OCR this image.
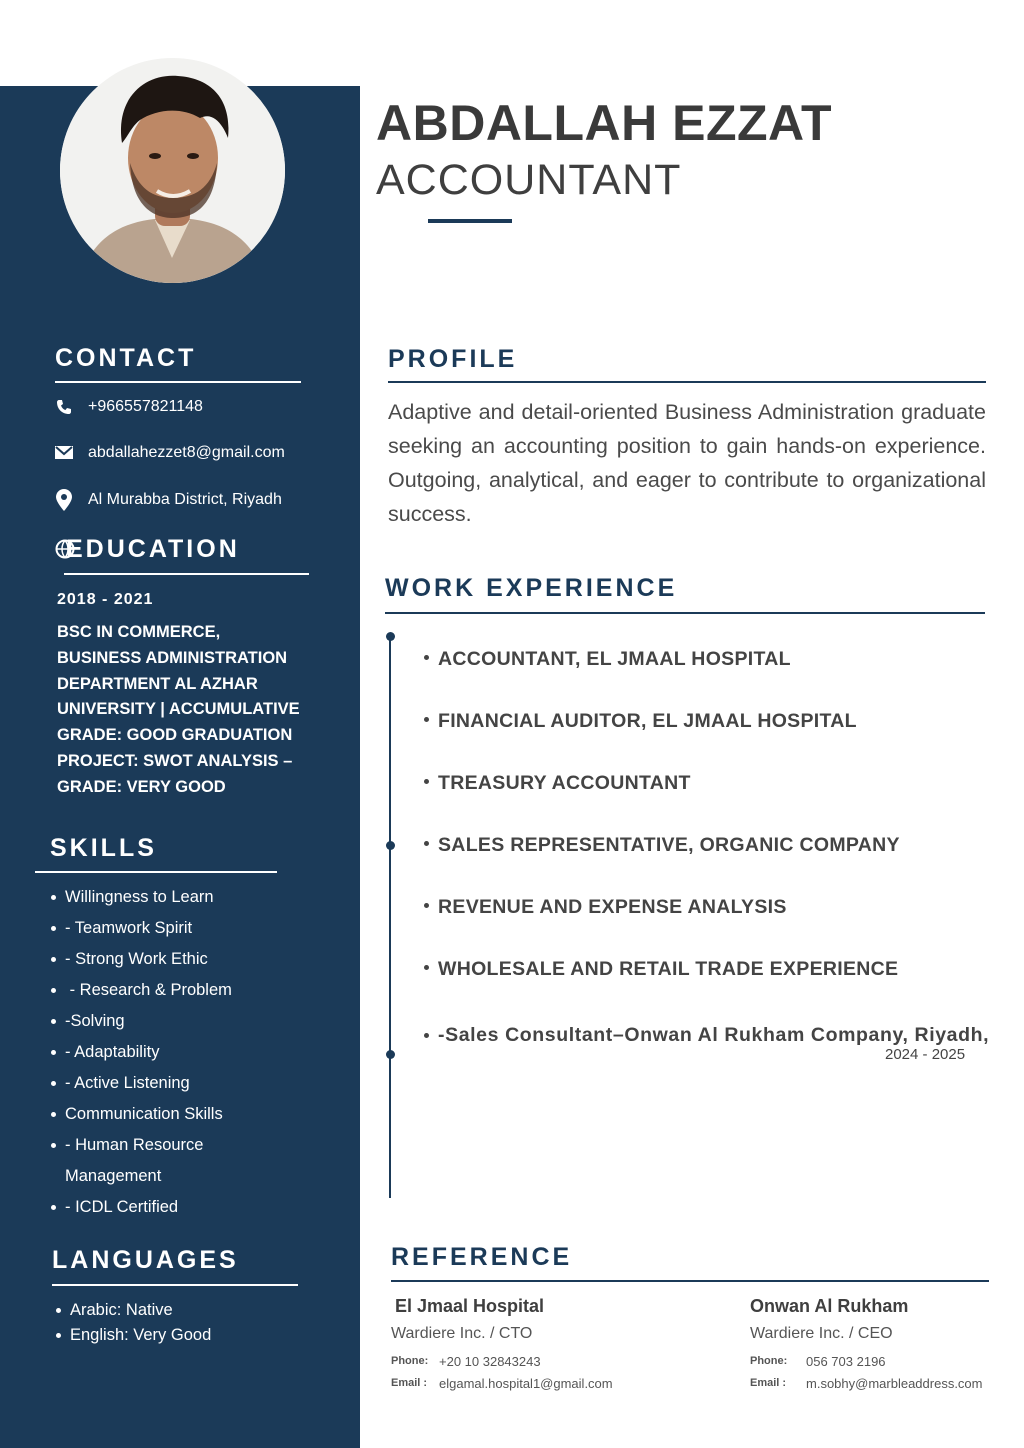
CONTACT
+966557821148
abdallahezzet8@gmail.com
Al Murabba District, Riyadh
EDUCATION
2018 - 2021
BSC IN COMMERCE, BUSINESS ADMINISTRATION DEPARTMENT AL AZHAR UNIVERSITY | ACCUMULATIVE GRADE: GOOD GRADUATION PROJECT: SWOT ANALYSIS – GRADE: VERY GOOD
SKILLS
Willingness to Learn
- Teamwork Spirit
- Strong Work Ethic
- Research & Problem
-Solving
- Adaptability
- Active Listening
Communication Skills
- Human Resource
Management
- ICDL Certified
LANGUAGES
Arabic: Native
English: Very Good
ABDALLAH EZZAT
ACCOUNTANT
PROFILE
Adaptive and detail-oriented Business Administration graduate seeking an accounting position to gain hands-on experience. Outgoing, analytical, and eager to contribute to organizational success.
WORK EXPERIENCE
ACCOUNTANT, EL JMAAL HOSPITAL
FINANCIAL AUDITOR, EL JMAAL HOSPITAL
TREASURY ACCOUNTANT
SALES REPRESENTATIVE, ORGANIC COMPANY
REVENUE AND EXPENSE ANALYSIS
WHOLESALE AND RETAIL TRADE EXPERIENCE
-Sales Consultant–Onwan Al Rukham Company, Riyadh,
2024 - 2025
REFERENCE
El Jmaal Hospital
Wardiere Inc. / CTO
Phone: +20 10 32843243
Email : elgamal.hospital1@gmail.com
Onwan Al Rukham
Wardiere Inc. / CEO
Phone:	056 703 2196
Email :	m.sobhy@marbleaddress.com
